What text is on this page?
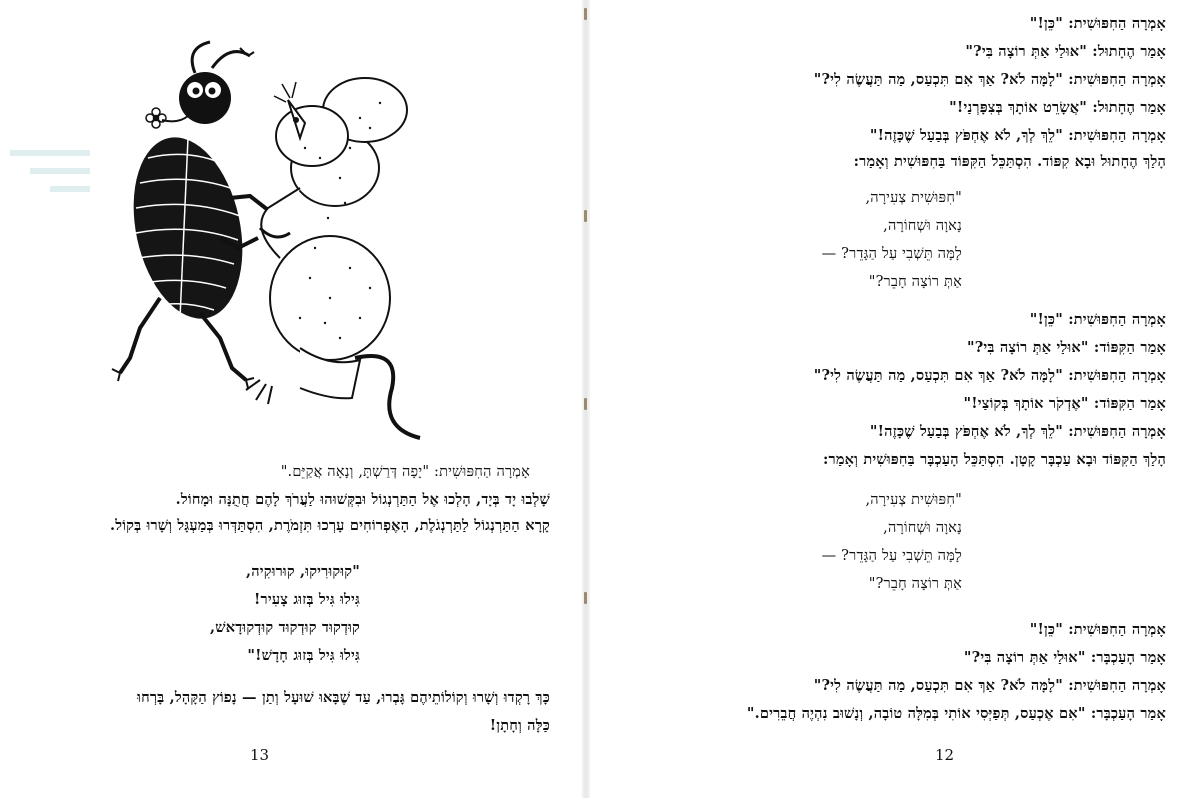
אָמְרָה הַחִפּוּשִׁית: "יָפָה דְּרַשְׁתָּ, וְנָאָה אֲקַיֵּם."
שָׁלְבוּ יָד בְּיָד, הָלְכוּ אֶל הַתַּרְנְגוֹל וּבִקְּשׁוּהוּ לַעֲרֹךְ לָהֶם חֲתֻנָּה וּמָחוֹל.
קָרָא הַתַּרְנְגוֹל לַתַּרְנְגֹלֶת, הָאֶפְרוֹחִים עָרְכוּ תִּזְמֹרֶת, הִסְתַּדְּרוּ בְּמַעְגָּל וְשָׁרוּ בְּקוֹל.
"קוּקוּרִיקוּ, קוּרוּקִיה,
גִּילוּ גִּיל בְּזוּג צָעִיר!
קוּדְקוּד קוּדְקוּד קוּדְקוּדָאשׁ,
גִּילוּ גִּיל בְּזוּג חָדָשׁ!"
כָּךְ רָקְדוּ וְשָׁרוּ וְקוֹלוֹתֵיהֶם גָּבְרוּ, עַד שֶׁבָּאוּ שׁוּעָל וְתַן — נָפוֹץ הַקָּהָל, בָּרְחוּ
כַּלָּה וְחָתָן!
13
אָמְרָה הַחִפּוּשִׁית: "כֵּן!"
אָמַר הֶחָתוּל: "אוּלַי אַתְּ רוֹצָה בִּי?"
אָמְרָה הַחִפּוּשִׁית: "לָמָּה לֹא? אַךְ אִם תִּכְעַס, מַה תַּעֲשֶׂה לִי?"
אָמַר הֶחָתוּל: "אֲשָׂרֵט אוֹתָךְ בְּצִפָּרְנַי!"
אָמְרָה הַחִפּוּשִׁית: "לֵךְ לְךָ, לֹא אֶחְפֹּץ בְּבַעַל שֶׁכָּזֶה!"
הָלַךְ הֶחָתוּל וּבָא קִפּוֹד. הִסְתַּכֵּל הַקִּפּוֹד בַּחִפּוּשִׁית וְאָמַר:
"חִפּוּשִׁית צְעִירָה,
נָאוָה וּשְׁחוֹרָה,
לָמָּה תֵּשְׁבִי עַל הַגָּדֵר? —
אַתְּ רוֹצָה חָבֵר?"
אָמְרָה הַחִפּוּשִׁית: "כֵּן!"
אָמַר הַקִּפּוֹד: "אוּלַי אַתְּ רוֹצָה בִּי?"
אָמְרָה הַחִפּוּשִׁית: "לָמָּה לֹא? אַךְ אִם תִּכְעַס, מַה תַּעֲשֶׂה לִי?"
אָמַר הַקִּפּוֹד: "אֶדְקֹר אוֹתָךְ בְּקוֹצַי!"
אָמְרָה הַחִפּוּשִׁית: "לֵךְ לְךָ, לֹא אֶחְפֹּץ בְּבַעַל שֶׁכָּזֶה!"
הָלַךְ הַקִּפּוֹד וּבָא עַכְבָּר קָטָן. הִסְתַּכֵּל הָעַכְבָּר בַּחִפּוּשִׁית וְאָמַר:
"חִפּוּשִׁית צְעִירָה,
נָאוָה וּשְׁחוֹרָה,
לָמָּה תֵּשְׁבִי עַל הַגָּדֵר? —
אַתְּ רוֹצָה חָבֵר?"
אָמְרָה הַחִפּוּשִׁית: "כֵּן!"
אָמַר הָעַכְבָּר: "אוּלַי אַתְּ רוֹצָה בִּי?"
אָמְרָה הַחִפּוּשִׁית: "לָמָּה לֹא? אַךְ אִם תִּכְעַס, מַה תַּעֲשֶׂה לִי?"
אָמַר הָעַכְבָּר: "אִם אֶכְעַס, תְּפַיְּסִי אוֹתִי בְּמִלָּה טוֹבָה, וְנָשׁוּב נִהְיֶה חֲבֵרִים."
12
